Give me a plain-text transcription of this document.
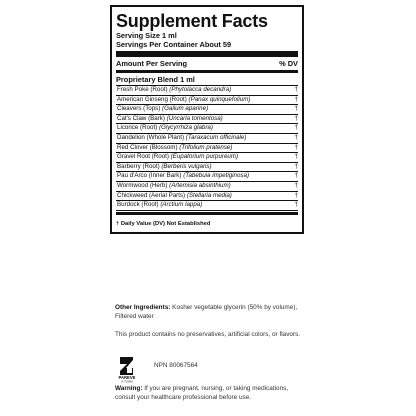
Supplement Facts
Serving Size 1 ml
Servings Per Container About 59
Amount Per Serving	% DV
Proprietary Blend 1 ml
Fresh Poke (Root) (Phytolacca decandra)	†
American Ginseng (Root) (Panax quinquefolium)	†
Cleavers (Tops) (Galium aparine)	†
Cat's Claw (Bark) (Uncaria tomentosa)	†
Licorice (Root) (Glycyrrhiza glabra)	†
Dandelion (Whole Plant) (Taraxacum officinale)	†
Red Clover (Blossom) (Trifolium pratense)	†
Gravel Root (Root) (Eupatorium purpureum)	†
Barberry (Root) (Berberis vulgaris)	†
Pau d'Arco (Inner Bark) (Tabebuia impetiginosa)	†
Wormwood (Herb) (Artemisia absinthium)	†
Chickweed (Aerial Parts) (Stellaria media)	†
Burdock (Root) (Arctium lappa)	†
† Daily Value (DV) Not Established
Other Ingredients: Kosher vegetable glycerin (50% by volume), Filtered water
This product contains no preservatives, artificial colors, or flavors.
PAREVE
K-TOWN
NPN 80067564
Warning: If you are pregnant, nursing, or taking medications, consult your healthcare professional before use.
